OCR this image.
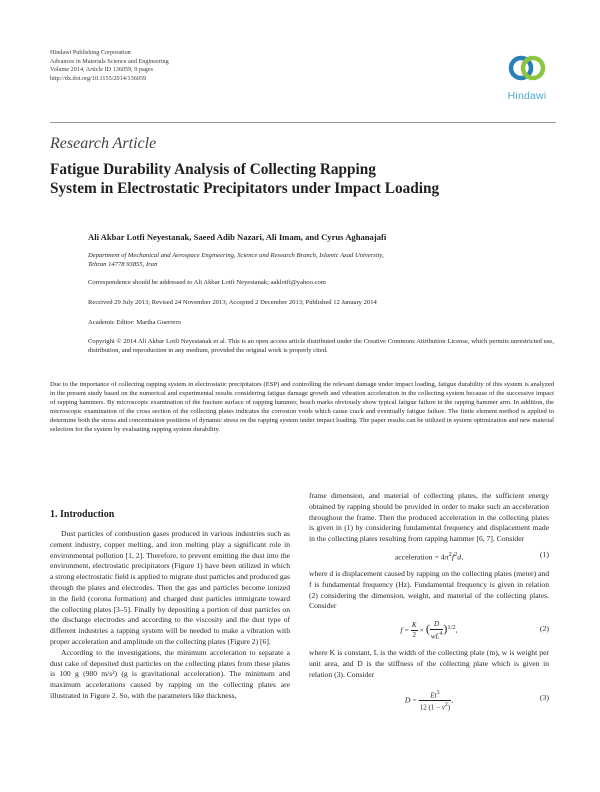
Hindawi Publishing Corporation
Advances in Materials Science and Engineering
Volume 2014, Article ID 136059, 9 pages
http://dx.doi.org/10.1155/2014/136059
Hindawi
Research Article
Fatigue Durability Analysis of Collecting Rapping
System in Electrostatic Precipitators under Impact Loading
Ali Akbar Lotfi Neyestanak, Saeed Adib Nazari, Ali Imam, and Cyrus Aghanajafi
Department of Mechanical and Aerospace Engineering, Science and Research Branch, Islamic Azad University,
Tehran 14778 93855, Iran
Correspondence should be addressed to Ali Akbar Lotfi Neyestanak; aaklotfi@yahoo.com
Received 29 July 2013; Revised 24 November 2013; Accepted 2 December 2013; Published 12 January 2014
Academic Editor: Martha Guerrero
Copyright © 2014 Ali Akbar Lotfi Neyestanak et al. This is an open access article distributed under the Creative Commons Attribution License, which permits unrestricted use, distribution, and reproduction in any medium, provided the original work is properly cited.
Due to the importance of collecting rapping system in electrostatic precipitators (ESP) and controlling the relevant damage under impact loading, fatigue durability of this system is analyzed in the present study based on the numerical and experimental results considering fatigue damage growth and vibration acceleration in the collecting system because of the successive impact of rapping hammers. By microscopic examination of the fracture surface of rapping hammer, beach marks obviously show typical fatigue failure in the rapping hammer arm. In addition, the microscopic examination of the cross section of the collecting plates indicates the corrosion voids which cause crack and eventually fatigue failure. The finite element method is applied to determine both the stress and concentration positions of dynamic stress on the rapping system under impact loading. The paper results can be utilized in system optimization and new material selection for the system by evaluating rapping system durability.

1. Introduction

Dust particles of combustion gases produced in various industries such as cement industry, copper melting, and iron melting play a significant role in environmental pollution [1, 2]. Therefore, to prevent emitting the dust into the environment, electrostatic precipitators (Figure 1) have been utilized in which a strong electrostatic field is applied to migrate dust particles and produced gas through the plates and electrodes. Then the gas and particles become ionized in the field (corona formation) and charged dust particles immigrate toward the collecting plates [3–5]. Finally by depositing a portion of dust particles on the discharge electrodes and according to the viscosity and the dust type of different industries a rapping system will be needed to make a vibration with proper acceleration and amplitude on the collecting plates (Figure 2) [6].

According to the investigations, the minimum acceleration to separate a dust cake of deposited dust particles on the collecting plates from these plates is 100 g (980 m/s²) (g is gravitational acceleration). The minimum and maximum accelerations caused by rapping on the collecting plates are illustrated in Figure 2. So, with the parameters like thickness,

frame dimension, and material of collecting plates, the sufficient energy obtained by rapping should be provided in order to make such an acceleration throughout the frame. Then the produced acceleration in the collecting plates is given in (1) by considering fundamental frequency and displacement made in the collecting plates resulting from rapping hammer [6, 7]. Consider

acceleration = $4\pi^2f^2d$,	(1)

where d is displacement caused by rapping on the collecting plates (meter) and f is fundamental frequency (Hz). Fundamental frequency is given in relation (2) considering the dimension, weight, and material of the collecting plates. Consider

$f = \frac{K}{2}$ × ( $\frac{D}{wL^4} )^{1/2}$,	(2)

where K is constant, L is the width of the collecting plate (m), w is weight per unit area, and D is the stiffness of the collecting plate which is given in relation (3). Consider

$D = \frac{Et^3}{12 (1 - \nu^2)}$ ,	(3)
